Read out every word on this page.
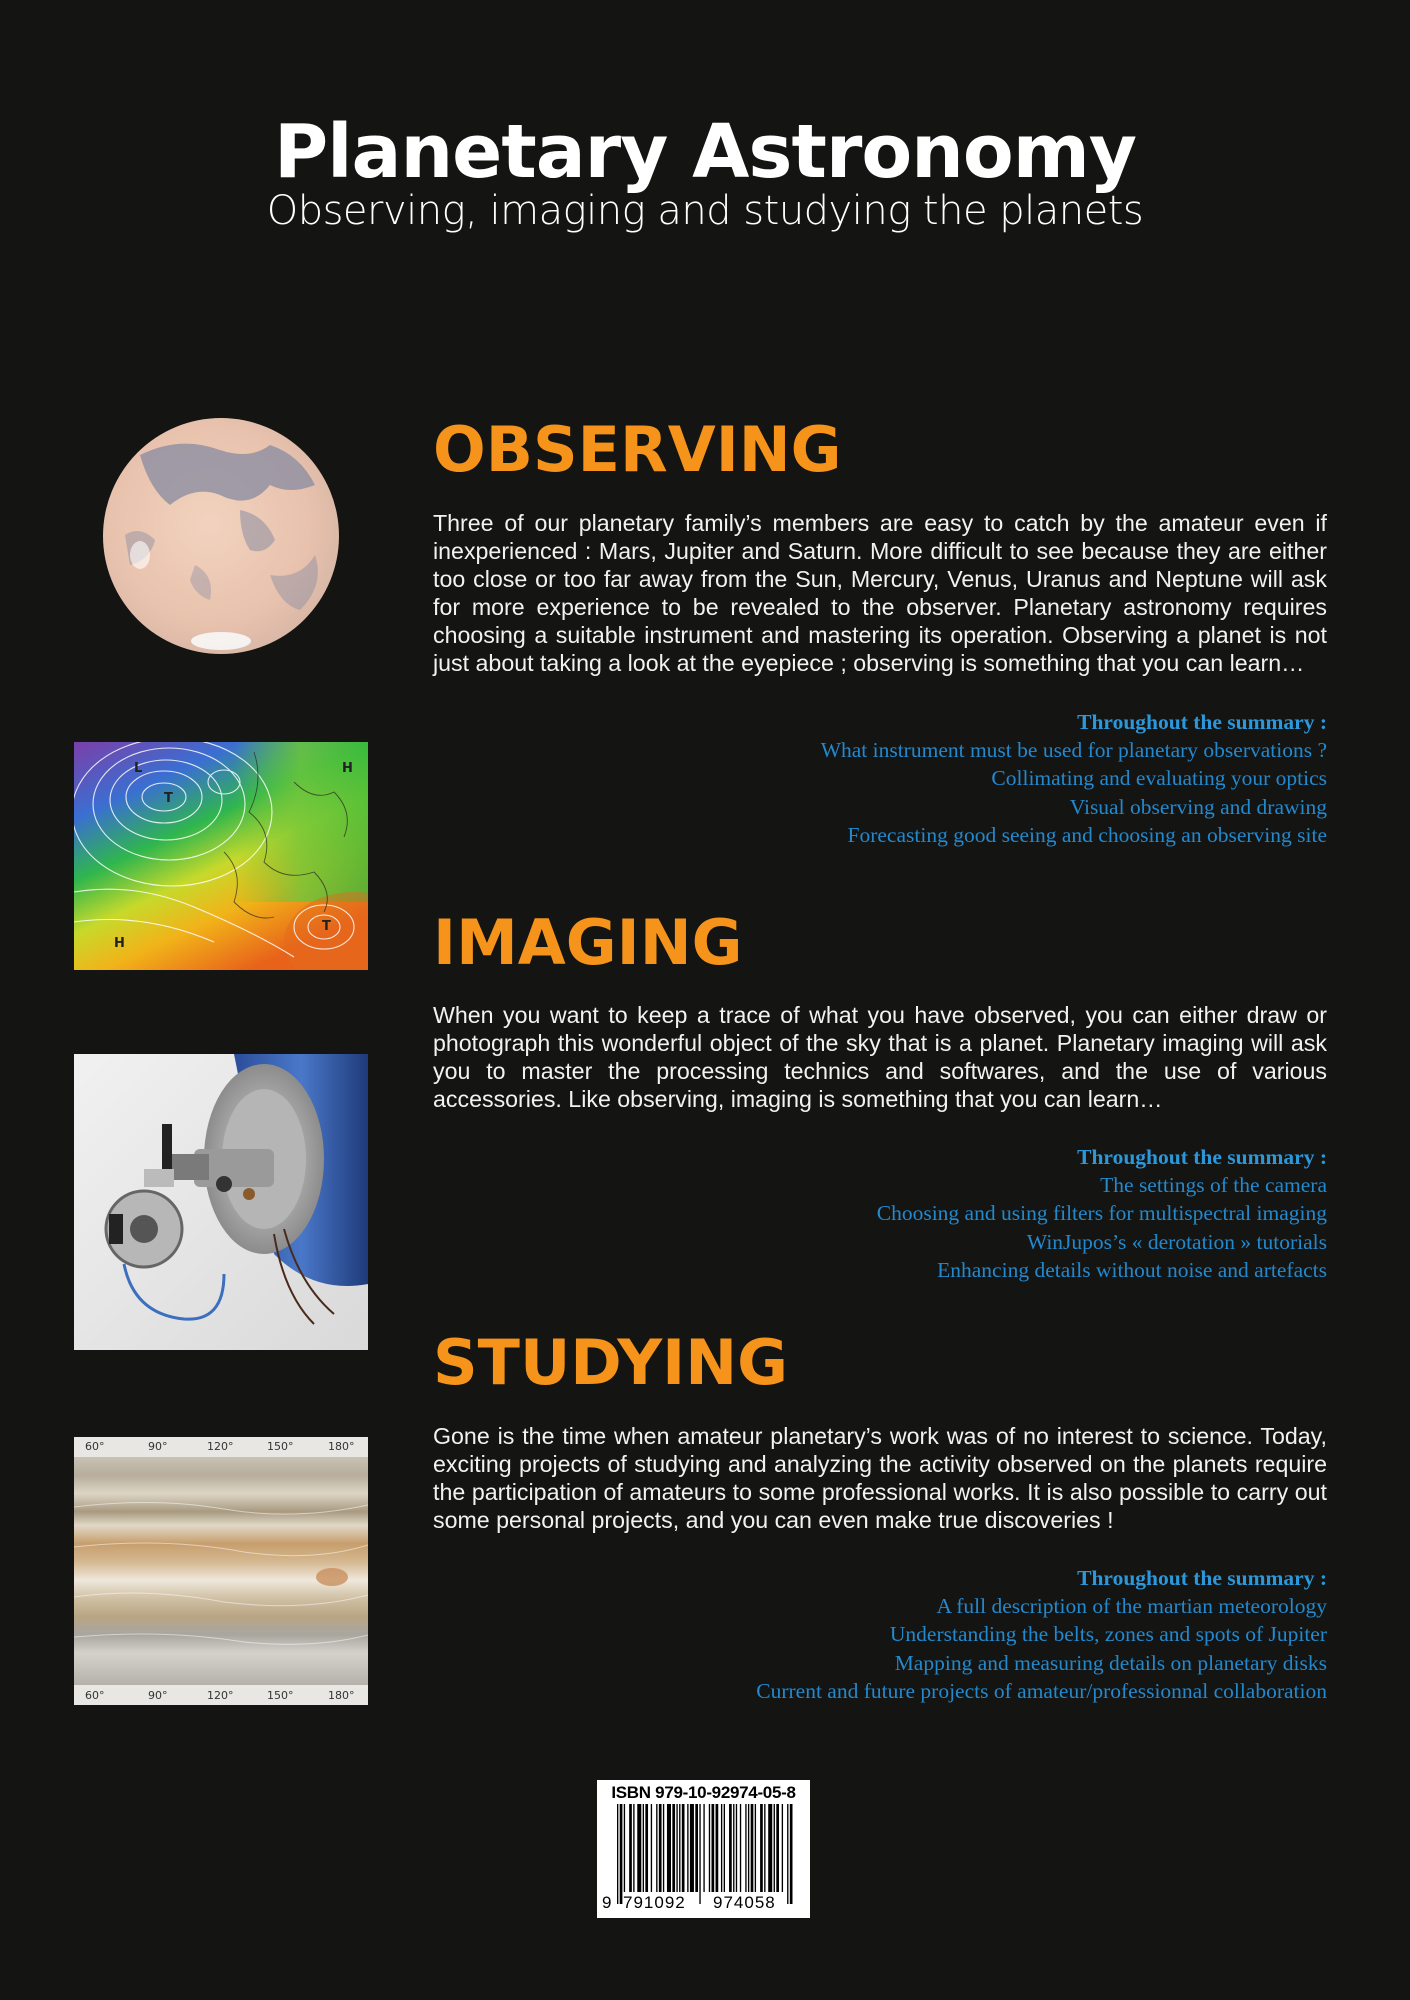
Planetary Astronomy
Observing, imaging and studying the planets
OBSERVING
Three of our planetary family’s members are easy to catch by the amateur even if inexperienced : Mars, Jupiter and Saturn. More difficult to see because they are either too close or too far away from the Sun, Mercury, Venus, Uranus and Neptune will ask for more experience to be revealed to the observer. Planetary astronomy requires choosing a suitable instrument and mastering its operation. Observing a planet is not just about taking a look at the eyepiece ; observing is something that you can learn…
Throughout the summary :
What instrument must be used for planetary observations ?
Collimating and evaluating your optics
Visual observing and drawing
Forecasting good seeing and choosing an observing site
H
L
T
T
H	IMAGING
When you want to keep a trace of what you have observed, you can either draw or photograph this wonderful object of the sky that is a planet. Planetary imaging will ask you to master the processing technics and softwares, and the use of various accessories. Like observing, imaging is something that you can learn…
Throughout the summary :
The settings of the camera
Choosing and using filters for multispectral imaging
WinJupos’s « derotation » tutorials
Enhancing details without noise and artefacts
STUDYING
Gone is the time when amateur planetary’s work was of no interest to science. Today, exciting projects of studying and analyzing the activity observed on the planets require the participation of amateurs to some professional works. It is also possible to carry out some personal projects, and you can even make true discoveries !
Throughout the summary :
A full description of the martian meteorology
Understanding the belts, zones and spots of Jupiter
Mapping and measuring details on planetary disks
Current and future projects of amateur/professionnal collaboration
60°	90°	120°	150°	180°
60°	90°	120°	150°	180°
ISBN 979-10-92974-05-8
9 791092 974058
